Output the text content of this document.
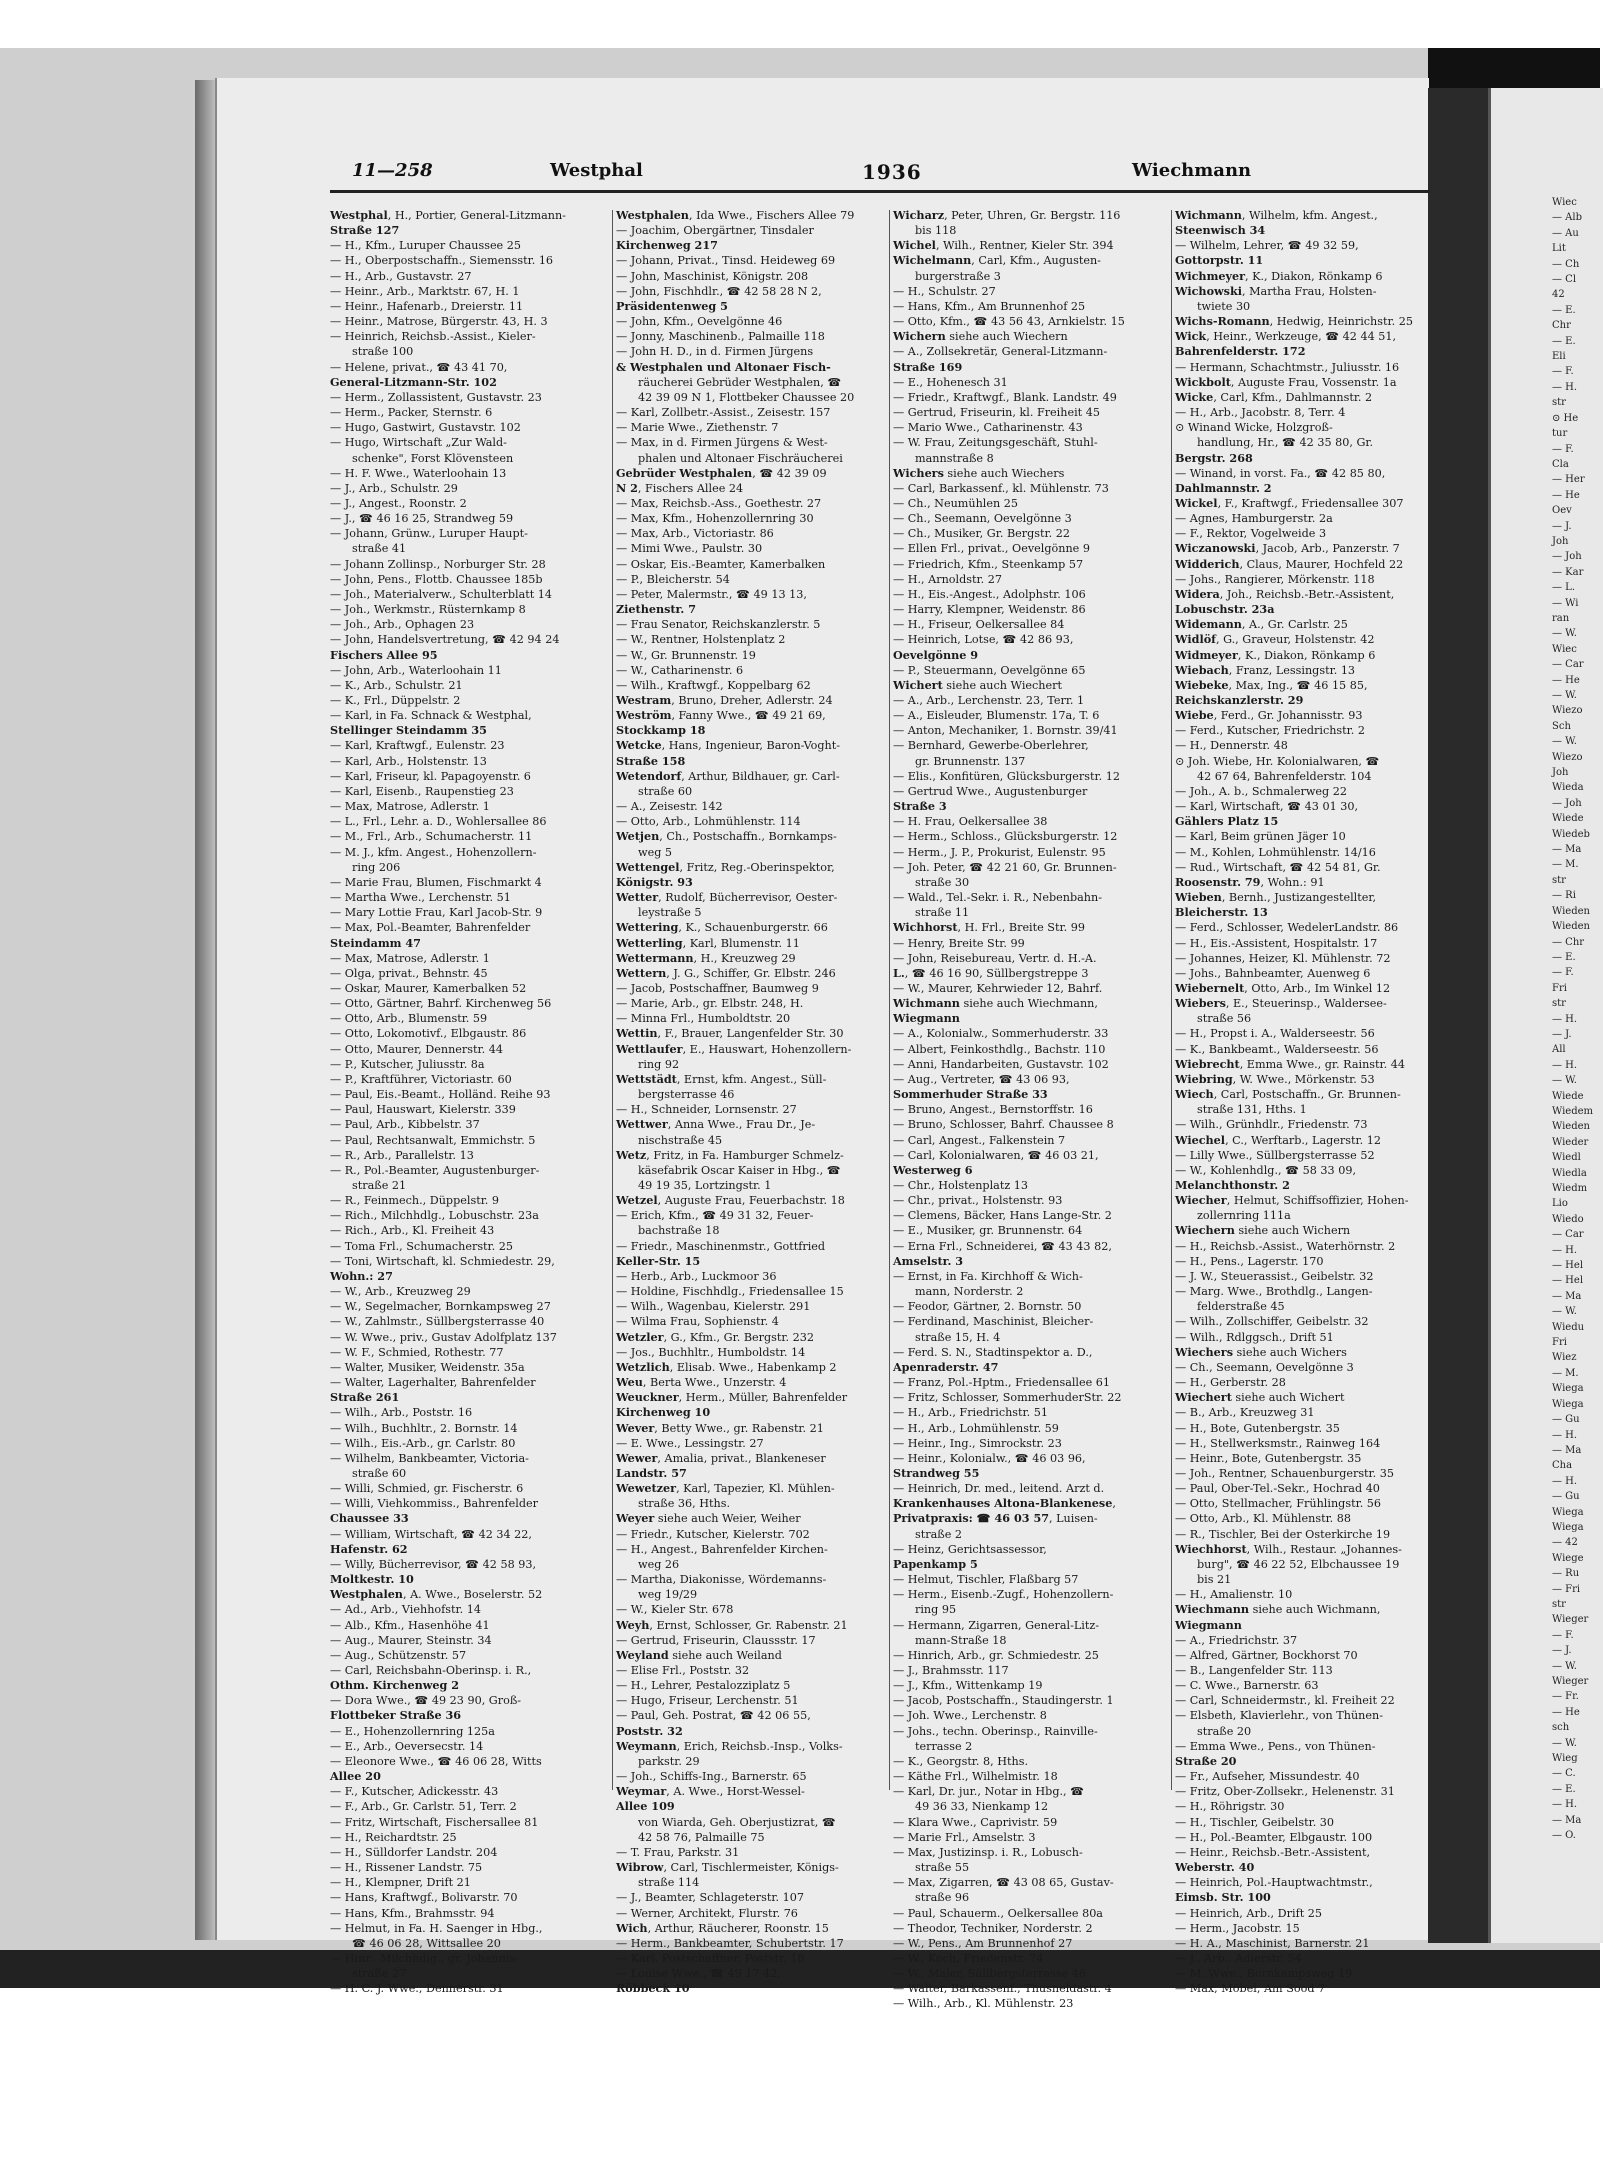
Wiec
— Alb
— Au
Lit
— Ch
— Cl
42
— E.
Chr
— E.
Eli
— F.
— H.
str
⊙ He
tur
— F.
Cla
— Her
— He
Oev
— J.
Joh
— Joh
— Kar
— L.
— Wi
ran
— W.
Wiec
— Car
— He
— W.
Wiezo
Sch
— W.
Wiezo
Joh
Wieda
— Joh
Wiede
Wiedeb
— Ma
— M.
str
— Ri
Wieden
Wieden
— Chr
— E.
— F.
Fri
str
— H.
— J.
All
— H.
— W.
Wiede
Wiedem
Wieden
Wieder
Wiedl
Wiedla
Wiedm
Lio
Wiedo
— Car
— H.
— Hel
— Hel
— Ma
— W.
Wiedu
Fri
Wiez
— M.
Wiega
Wiega
— Gu
— H.
— Ma
Cha
— H.
— Gu
Wiega
Wiega
— 42
Wiege
— Ru
— Fri
str
Wieger
— F.
— J.
— W.
Wieger
— Fr.
— He
sch
— W.
Wieg
— C.
— E.
— H.
— Ma
— O.
11—258	Westphal	1936	Wiechmann
Westphal, H., Portier, General-Litzmann-
Straße 127
— H., Kfm., Luruper Chaussee 25
— H., Oberpostschaffn., Siemensstr. 16
— H., Arb., Gustavstr. 27
— Heinr., Arb., Marktstr. 67, H. 1
— Heinr., Hafenarb., Dreierstr. 11
— Heinr., Matrose, Bürgerstr. 43, H. 3
— Heinrich, Reichsb.-Assist., Kieler-
straße 100
— Helene, privat., ☎ 43 41 70,
General-Litzmann-Str. 102
— Herm., Zollassistent, Gustavstr. 23
— Herm., Packer, Sternstr. 6
— Hugo, Gastwirt, Gustavstr. 102
— Hugo, Wirtschaft „Zur Wald-
schenke", Forst Klövensteen
— H. F. Wwe., Waterloohain 13
— J., Arb., Schulstr. 29
— J., Angest., Roonstr. 2
— J., ☎ 46 16 25, Strandweg 59
— Johann, Grünw., Luruper Haupt-
straße 41
— Johann Zollinsp., Norburger Str. 28
— John, Pens., Flottb. Chaussee 185b
— Joh., Materialverw., Schulterblatt 14
— Joh., Werkmstr., Rüsternkamp 8
— Joh., Arb., Ophagen 23
— John, Handelsvertretung, ☎ 42 94 24
Fischers Allee 95
— John, Arb., Waterloohain 11
— K., Arb., Schulstr. 21
— K., Frl., Düppelstr. 2
— Karl, in Fa. Schnack & Westphal,
Stellinger Steindamm 35
— Karl, Kraftwgf., Eulenstr. 23
— Karl, Arb., Holstenstr. 13
— Karl, Friseur, kl. Papagoyenstr. 6
— Karl, Eisenb., Raupenstieg 23
— Max, Matrose, Adlerstr. 1
— L., Frl., Lehr. a. D., Wohlersallee 86
— M., Frl., Arb., Schumacherstr. 11
— M. J., kfm. Angest., Hohenzollern-
ring 206
— Marie Frau, Blumen, Fischmarkt 4
— Martha Wwe., Lerchenstr. 51
— Mary Lottie Frau, Karl Jacob-Str. 9
— Max, Pol.-Beamter, Bahrenfelder
Steindamm 47
— Max, Matrose, Adlerstr. 1
— Olga, privat., Behnstr. 45
— Oskar, Maurer, Kamerbalken 52
— Otto, Gärtner, Bahrf. Kirchenweg 56
— Otto, Arb., Blumenstr. 59
— Otto, Lokomotivf., Elbgaustr. 86
— Otto, Maurer, Dennerstr. 44
— P., Kutscher, Juliusstr. 8a
— P., Kraftführer, Victoriastr. 60
— Paul, Eis.-Beamt., Holländ. Reihe 93
— Paul, Hauswart, Kielerstr. 339
— Paul, Arb., Kibbelstr. 37
— Paul, Rechtsanwalt, Emmichstr. 5
— R., Arb., Parallelstr. 13
— R., Pol.-Beamter, Augustenburger-
straße 21
— R., Feinmech., Düppelstr. 9
— Rich., Milchhdlg., Lobuschstr. 23a
— Rich., Arb., Kl. Freiheit 43
— Toma Frl., Schumacherstr. 25
— Toni, Wirtschaft, kl. Schmiedestr. 29,
Wohn.: 27
— W., Arb., Kreuzweg 29
— W., Segelmacher, Bornkampsweg 27
— W., Zahlmstr., Süllbergsterrasse 40
— W. Wwe., priv., Gustav Adolfplatz 137
— W. F., Schmied, Rothestr. 77
— Walter, Musiker, Weidenstr. 35a
— Walter, Lagerhalter, Bahrenfelder
Straße 261
— Wilh., Arb., Poststr. 16
— Wilh., Buchhltr., 2. Bornstr. 14
— Wilh., Eis.-Arb., gr. Carlstr. 80
— Wilhelm, Bankbeamter, Victoria-
straße 60
— Willi, Schmied, gr. Fischerstr. 6
— Willi, Viehkommiss., Bahrenfelder
Chaussee 33
— William, Wirtschaft, ☎ 42 34 22,
Hafenstr. 62
— Willy, Bücherrevisor, ☎ 42 58 93,
Moltkestr. 10
Westphalen, A. Wwe., Boselerstr. 52
— Ad., Arb., Viehhofstr. 14
— Alb., Kfm., Hasenhöhe 41
— Aug., Maurer, Steinstr. 34
— Aug., Schützenstr. 57
— Carl, Reichsbahn-Oberinsp. i. R.,
Othm. Kirchenweg 2
— Dora Wwe., ☎ 49 23 90, Groß-
Flottbeker Straße 36
— E., Hohenzollernring 125a
— E., Arb., Oeversecstr. 14
— Eleonore Wwe., ☎ 46 06 28, Witts
Allee 20
— F., Kutscher, Adickesstr. 43
— F., Arb., Gr. Carlstr. 51, Terr. 2
— Fritz, Wirtschaft, Fischersallee 81
— H., Reichardtstr. 25
— H., Sülldorfer Landstr. 204
— H., Rissener Landstr. 75
— H., Klempner, Drift 21
— Hans, Kraftwgf., Bolivarstr. 70
— Hans, Kfm., Brahmsstr. 94
— Helmut, in Fa. H. Saenger in Hbg.,
☎ 46 06 28, Wittsallee 20
— Hinr., Milchhdlg., gr. Johannis-
straße 27
— H. C. J. Wwe., Dennerstr. 31
Westphalen, Ida Wwe., Fischers Allee 79
— Joachim, Obergärtner, Tinsdaler
Kirchenweg 217
— Johann, Privat., Tinsd. Heideweg 69
— John, Maschinist, Königstr. 208
— John, Fischhdlr., ☎ 42 58 28 N 2,
Präsidentenweg 5
— John, Kfm., Oevelgönne 46
— Jonny, Maschinenb., Palmaille 118
— John H. D., in d. Firmen Jürgens
& Westphalen und Altonaer Fisch-
räucherei Gebrüder Westphalen, ☎
42 39 09 N 1, Flottbeker Chaussee 20
— Karl, Zollbetr.-Assist., Zeisestr. 157
— Marie Wwe., Ziethenstr. 7
— Max, in d. Firmen Jürgens & West-
phalen und Altonaer Fischräucherei
Gebrüder Westphalen, ☎ 42 39 09
N 2, Fischers Allee 24
— Max, Reichsb.-Ass., Goethestr. 27
— Max, Kfm., Hohenzollernring 30
— Max, Arb., Victoriastr. 86
— Mimi Wwe., Paulstr. 30
— Oskar, Eis.-Beamter, Kamerbalken
— P., Bleicherstr. 54
— Peter, Malermstr., ☎ 49 13 13,
Ziethenstr. 7
— Frau Senator, Reichskanzlerstr. 5
— W., Rentner, Holstenplatz 2
— W., Gr. Brunnenstr. 19
— W., Catharinenstr. 6
— Wilh., Kraftwgf., Koppelbarg 62
Westram, Bruno, Dreher, Adlerstr. 24
Weström, Fanny Wwe., ☎ 49 21 69,
Stockkamp 18
Wetcke, Hans, Ingenieur, Baron-Voght-
Straße 158
Wetendorf, Arthur, Bildhauer, gr. Carl-
straße 60
— A., Zeisestr. 142
— Otto, Arb., Lohmühlenstr. 114
Wetjen, Ch., Postschaffn., Bornkamps-
weg 5
Wettengel, Fritz, Reg.-Oberinspektor,
Königstr. 93
Wetter, Rudolf, Bücherrevisor, Oester-
leystraße 5
Wettering, K., Schauenburgerstr. 66
Wetterling, Karl, Blumenstr. 11
Wettermann, H., Kreuzweg 29
Wettern, J. G., Schiffer, Gr. Elbstr. 246
— Jacob, Postschaffner, Baumweg 9
— Marie, Arb., gr. Elbstr. 248, H.
— Minna Frl., Humboldtstr. 20
Wettin, F., Brauer, Langenfelder Str. 30
Wettlaufer, E., Hauswart, Hohenzollern-
ring 92
Wettstädt, Ernst, kfm. Angest., Süll-
bergsterrasse 46
— H., Schneider, Lornsenstr. 27
Wettwer, Anna Wwe., Frau Dr., Je-
nischstraße 45
Wetz, Fritz, in Fa. Hamburger Schmelz-
käsefabrik Oscar Kaiser in Hbg., ☎
49 19 35, Lortzingstr. 1
Wetzel, Auguste Frau, Feuerbachstr. 18
— Erich, Kfm., ☎ 49 31 32, Feuer-
bachstraße 18
— Friedr., Maschinenmstr., Gottfried
Keller-Str. 15
— Herb., Arb., Luckmoor 36
— Holdine, Fischhdlg., Friedensallee 15
— Wilh., Wagenbau, Kielerstr. 291
— Wilma Frau, Sophienstr. 4
Wetzler, G., Kfm., Gr. Bergstr. 232
— Jos., Buchhltr., Humboldstr. 14
Wetzlich, Elisab. Wwe., Habenkamp 2
Weu, Berta Wwe., Unzerstr. 4
Weuckner, Herm., Müller, Bahrenfelder
Kirchenweg 10
Wever, Betty Wwe., gr. Rabenstr. 21
— E. Wwe., Lessingstr. 27
Wewer, Amalia, privat., Blankeneser
Landstr. 57
Wewetzer, Karl, Tapezier, Kl. Mühlen-
straße 36, Hths.
Weyer siehe auch Weier, Weiher
— Friedr., Kutscher, Kielerstr. 702
— H., Angest., Bahrenfelder Kirchen-
weg 26
— Martha, Diakonisse, Wördemanns-
weg 19/29
— W., Kieler Str. 678
Weyh, Ernst, Schlosser, Gr. Rabenstr. 21
— Gertrud, Friseurin, Claussstr. 17
Weyland siehe auch Weiland
— Elise Frl., Poststr. 32
— H., Lehrer, Pestalozziplatz 5
— Hugo, Friseur, Lerchenstr. 51
— Paul, Geh. Postrat, ☎ 42 06 55,
Poststr. 32
Weymann, Erich, Reichsb.-Insp., Volks-
parkstr. 29
— Joh., Schiffs-Ing., Barnerstr. 65
Weymar, A. Wwe., Horst-Wessel-
Allee 109
von Wiarda, Geh. Oberjustizrat, ☎
42 58 76, Palmaille 75
— T. Frau, Parkstr. 31
Wibrow, Carl, Tischlermeister, Königs-
straße 114
— J., Beamter, Schlageterstr. 107
— Werner, Architekt, Flurstr. 76
Wich, Arthur, Räucherer, Roonstr. 15
— Herm., Bankbeamter, Schubertstr. 17
— Karl, Postschaffner, Poststr. 18
— Louise Wwe., ☎ 49 17 42,
Röbbeck 10
Wicharz, Peter, Uhren, Gr. Bergstr. 116
bis 118
Wichel, Wilh., Rentner, Kieler Str. 394
Wichelmann, Carl, Kfm., Augusten-
burgerstraße 3
— H., Schulstr. 27
— Hans, Kfm., Am Brunnenhof 25
— Otto, Kfm., ☎ 43 56 43, Arnkielstr. 15
Wichern siehe auch Wiechern
— A., Zollsekretär, General-Litzmann-
Straße 169
— E., Hohenesch 31
— Friedr., Kraftwgf., Blank. Landstr. 49
— Gertrud, Friseurin, kl. Freiheit 45
— Mario Wwe., Catharinenstr. 43
— W. Frau, Zeitungsgeschäft, Stuhl-
mannstraße 8
Wichers siehe auch Wiechers
— Carl, Barkassenf., kl. Mühlenstr. 73
— Ch., Neumühlen 25
— Ch., Seemann, Oevelgönne 3
— Ch., Musiker, Gr. Bergstr. 22
— Ellen Frl., privat., Oevelgönne 9
— Friedrich, Kfm., Steenkamp 57
— H., Arnoldstr. 27
— H., Eis.-Angest., Adolphstr. 106
— Harry, Klempner, Weidenstr. 86
— H., Friseur, Oelkersallee 84
— Heinrich, Lotse, ☎ 42 86 93,
Oevelgönne 9
— P., Steuermann, Oevelgönne 65
Wichert siehe auch Wiechert
— A., Arb., Lerchenstr. 23, Terr. 1
— A., Eisleuder, Blumenstr. 17a, T. 6
— Anton, Mechaniker, 1. Bornstr. 39/41
— Bernhard, Gewerbe-Oberlehrer,
gr. Brunnenstr. 137
— Elis., Konfitüren, Glücksburgerstr. 12
— Gertrud Wwe., Augustenburger
Straße 3
— H. Frau, Oelkersallee 38
— Herm., Schloss., Glücksburgerstr. 12
— Herm., J. P., Prokurist, Eulenstr. 95
— Joh. Peter, ☎ 42 21 60, Gr. Brunnen-
straße 30
— Wald., Tel.-Sekr. i. R., Nebenbahn-
straße 11
Wichhorst, H. Frl., Breite Str. 99
— Henry, Breite Str. 99
— John, Reisebureau, Vertr. d. H.-A.
L., ☎ 46 16 90, Süllbergstreppe 3
— W., Maurer, Kehrwieder 12, Bahrf.
Wichmann siehe auch Wiechmann,
Wiegmann
— A., Kolonialw., Sommerhuderstr. 33
— Albert, Feinkosthdlg., Bachstr. 110
— Anni, Handarbeiten, Gustavstr. 102
— Aug., Vertreter, ☎ 43 06 93,
Sommerhuder Straße 33
— Bruno, Angest., Bernstorffstr. 16
— Bruno, Schlosser, Bahrf. Chaussee 8
— Carl, Angest., Falkenstein 7
— Carl, Kolonialwaren, ☎ 46 03 21,
Westerweg 6
— Chr., Holstenplatz 13
— Chr., privat., Holstenstr. 93
— Clemens, Bäcker, Hans Lange-Str. 2
— E., Musiker, gr. Brunnenstr. 64
— Erna Frl., Schneiderei, ☎ 43 43 82,
Amselstr. 3
— Ernst, in Fa. Kirchhoff & Wich-
mann, Norderstr. 2
— Feodor, Gärtner, 2. Bornstr. 50
— Ferdinand, Maschinist, Bleicher-
straße 15, H. 4
— Ferd. S. N., Stadtinspektor a. D.,
Apenraderstr. 47
— Franz, Pol.-Hptm., Friedensallee 61
— Fritz, Schlosser, SommerhuderStr. 22
— H., Arb., Friedrichstr. 51
— H., Arb., Lohmühlenstr. 59
— Heinr., Ing., Simrockstr. 23
— Heinr., Kolonialw., ☎ 46 03 96,
Strandweg 55
— Heinrich, Dr. med., leitend. Arzt d.
Krankenhauses Altona-Blankenese,
Privatpraxis: ☎ 46 03 57, Luisen-
straße 2
— Heinz, Gerichtsassessor,
Papenkamp 5
— Helmut, Tischler, Flaßbarg 57
— Herm., Eisenb.-Zugf., Hohenzollern-
ring 95
— Hermann, Zigarren, General-Litz-
mann-Straße 18
— Hinrich, Arb., gr. Schmiedestr. 25
— J., Brahmsstr. 117
— J., Kfm., Wittenkamp 19
— Jacob, Postschaffn., Staudingerstr. 1
— Joh. Wwe., Lerchenstr. 8
— Johs., techn. Oberinsp., Rainville-
terrasse 2
— K., Georgstr. 8, Hths.
— Käthe Frl., Wilhelmistr. 18
— Karl, Dr. jur., Notar in Hbg., ☎
49 36 33, Nienkamp 12
— Klara Wwe., Caprivistr. 59
— Marie Frl., Amselstr. 3
— Max, Justizinsp. i. R., Lobusch-
straße 55
— Max, Zigarren, ☎ 43 08 65, Gustav-
straße 96
— Paul, Schauerm., Oelkersallee 80a
— Theodor, Techniker, Norderstr. 2
— W., Pens., Am Brunnenhof 27
— W., Koch, Friedenstr. 74
— W., Maler, Süllbergsterrasse 46
— Walter, Barkassenf., Thusneldastr. 4
— Wilh., Arb., Kl. Mühlenstr. 23
Wichmann, Wilhelm, kfm. Angest.,
Steenwisch 34
— Wilhelm, Lehrer, ☎ 49 32 59,
Gottorpstr. 11
Wichmeyer, K., Diakon, Rönkamp 6
Wichowski, Martha Frau, Holsten-
twiete 30
Wichs-Romann, Hedwig, Heinrichstr. 25
Wick, Heinr., Werkzeuge, ☎ 42 44 51,
Bahrenfelderstr. 172
— Hermann, Schachtmstr., Juliusstr. 16
Wickbolt, Auguste Frau, Vossenstr. 1a
Wicke, Carl, Kfm., Dahlmannstr. 2
— H., Arb., Jacobstr. 8, Terr. 4
⊙ Winand Wicke, Holzgroß-
handlung, Hr., ☎ 42 35 80, Gr.
Bergstr. 268
— Winand, in vorst. Fa., ☎ 42 85 80,
Dahlmannstr. 2
Wickel, F., Kraftwgf., Friedensallee 307
— Agnes, Hamburgerstr. 2a
— F., Rektor, Vogelweide 3
Wiczanowski, Jacob, Arb., Panzerstr. 7
Widderich, Claus, Maurer, Hochfeld 22
— Johs., Rangierer, Mörkenstr. 118
Widera, Joh., Reichsb.-Betr.-Assistent,
Lobuschstr. 23a
Widemann, A., Gr. Carlstr. 25
Widlöf, G., Graveur, Holstenstr. 42
Widmeyer, K., Diakon, Rönkamp 6
Wiebach, Franz, Lessingstr. 13
Wiebeke, Max, Ing., ☎ 46 15 85,
Reichskanzlerstr. 29
Wiebe, Ferd., Gr. Johannisstr. 93
— Ferd., Kutscher, Friedrichstr. 2
— H., Dennerstr. 48
⊙ Joh. Wiebe, Hr. Kolonialwaren, ☎
42 67 64, Bahrenfelderstr. 104
— Joh., A. b., Schmalerweg 22
— Karl, Wirtschaft, ☎ 43 01 30,
Gählers Platz 15
— Karl, Beim grünen Jäger 10
— M., Kohlen, Lohmühlenstr. 14/16
— Rud., Wirtschaft, ☎ 42 54 81, Gr.
Roosenstr. 79, Wohn.: 91
Wieben, Bernh., Justizangestellter,
Bleicherstr. 13
— Ferd., Schlosser, WedelerLandstr. 86
— H., Eis.-Assistent, Hospitalstr. 17
— Johannes, Heizer, Kl. Mühlenstr. 72
— Johs., Bahnbeamter, Auenweg 6
Wiebernelt, Otto, Arb., Im Winkel 12
Wiebers, E., Steuerinsp., Waldersee-
straße 56
— H., Propst i. A., Walderseestr. 56
— K., Bankbeamt., Walderseestr. 56
Wiebrecht, Emma Wwe., gr. Rainstr. 44
Wiebring, W. Wwe., Mörkenstr. 53
Wiech, Carl, Postschaffn., Gr. Brunnen-
straße 131, Hths. 1
— Wilh., Grünhdlr., Friedenstr. 73
Wiechel, C., Werftarb., Lagerstr. 12
— Lilly Wwe., Süllbergsterrasse 52
— W., Kohlenhdlg., ☎ 58 33 09,
Melanchthonstr. 2
Wiecher, Helmut, Schiffsoffizier, Hohen-
zollernring 111a
Wiechern siehe auch Wichern
— H., Reichsb.-Assist., Waterhörnstr. 2
— H., Pens., Lagerstr. 170
— J. W., Steuerassist., Geibelstr. 32
— Marg. Wwe., Brothdlg., Langen-
felderstraße 45
— Wilh., Zollschiffer, Geibelstr. 32
— Wilh., Rdlggsch., Drift 51
Wiechers siehe auch Wichers
— Ch., Seemann, Oevelgönne 3
— H., Gerberstr. 28
Wiechert siehe auch Wichert
— B., Arb., Kreuzweg 31
— H., Bote, Gutenbergstr. 35
— H., Stellwerksmstr., Rainweg 164
— Heinr., Bote, Gutenbergstr. 35
— Joh., Rentner, Schauenburgerstr. 35
— Paul, Ober-Tel.-Sekr., Hochrad 40
— Otto, Stellmacher, Frühlingstr. 56
— Otto, Arb., Kl. Mühlenstr. 88
— R., Tischler, Bei der Osterkirche 19
Wiechhorst, Wilh., Restaur. „Johannes-
burg", ☎ 46 22 52, Elbchaussee 19
bis 21
— H., Amalienstr. 10
Wiechmann siehe auch Wichmann,
Wiegmann
— A., Friedrichstr. 37
— Alfred, Gärtner, Bockhorst 70
— B., Langenfelder Str. 113
— C. Wwe., Barnerstr. 63
— Carl, Schneidermstr., kl. Freiheit 22
— Elsbeth, Klavierlehr., von Thünen-
straße 20
— Emma Wwe., Pens., von Thünen-
Straße 20
— Fr., Aufseher, Missundestr. 40
— Fritz, Ober-Zollsekr., Helenenstr. 31
— H., Röhrigstr. 30
— H., Tischler, Geibelstr. 30
— H., Pol.-Beamter, Elbgaustr. 100
— Heinr., Reichsb.-Betr.-Assistent,
Weberstr. 40
— Heinrich, Pol.-Hauptwachtmstr.,
Eimsb. Str. 100
— Heinrich, Arb., Drift 25
— Herm., Jacobstr. 15
— H. A., Maschinist, Barnerstr. 21
— J., Arb., Adlerstr. 54
— M. Wwe., Bornkampsweg 19
— Max, Möbel, Am Sood 7
